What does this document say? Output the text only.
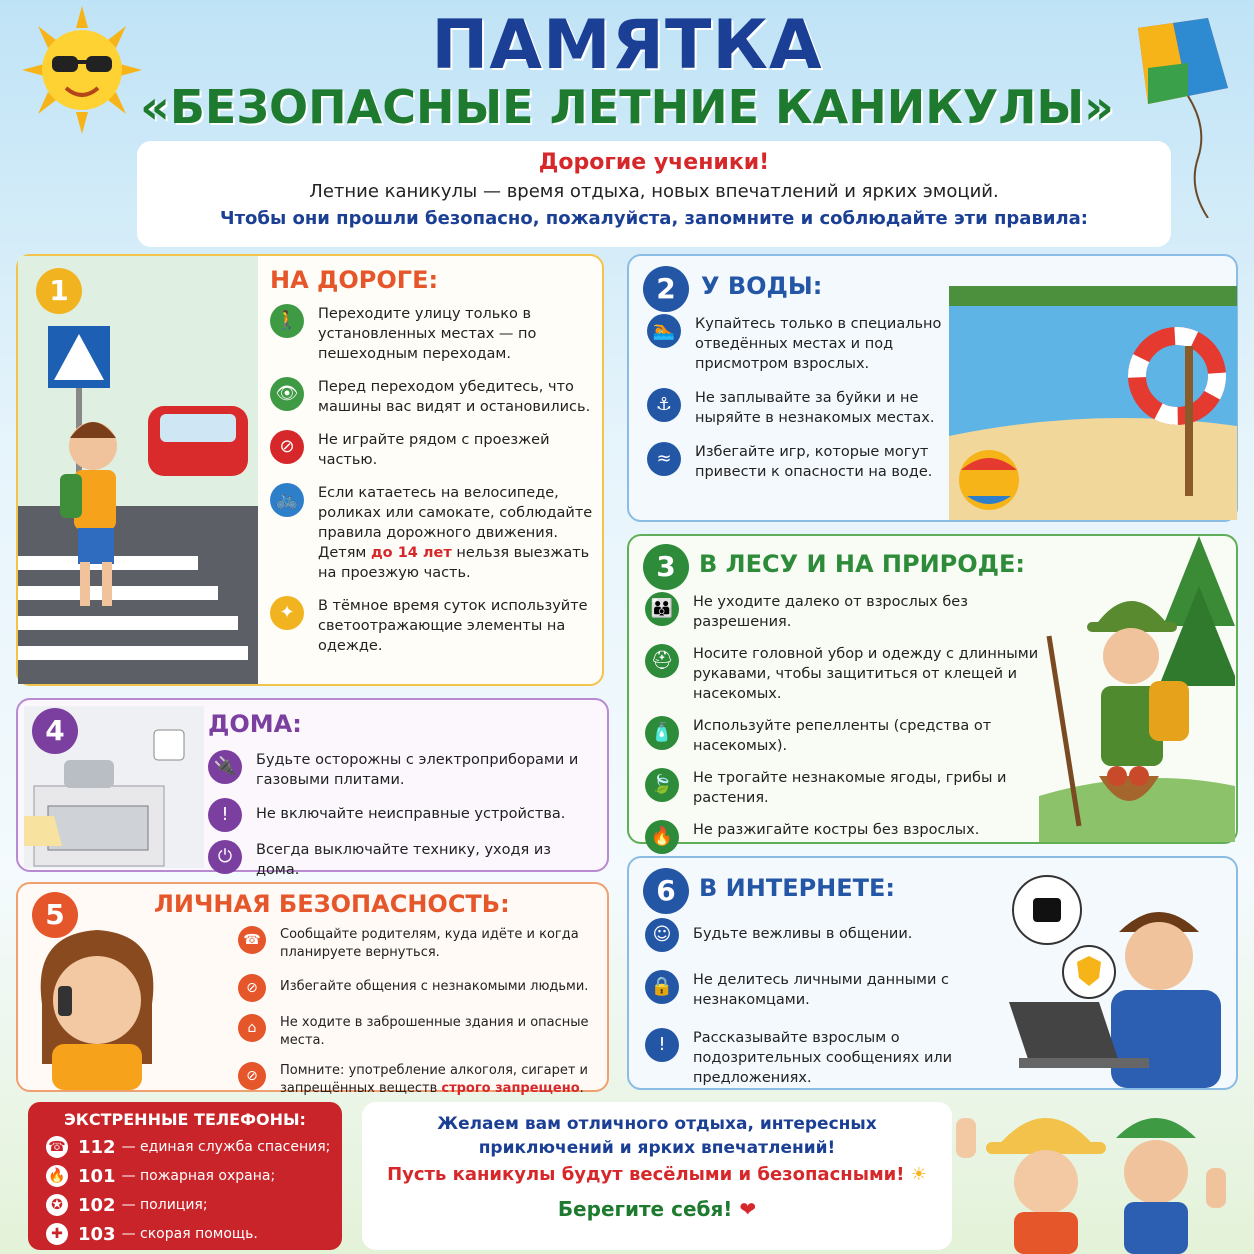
ПАМЯТКА
«БЕЗОПАСНЫЕ ЛЕТНИЕ КАНИКУЛЫ»
Дорогие ученики!
Летние каникулы — время отдыха, новых впечатлений и ярких эмоций.
Чтобы они прошли безопасно, пожалуйста, запомните и соблюдайте эти правила:
1	НА ДОРОГЕ:
🚶	Переходите улицу только в установленных местах — по пешеходным переходам.
👁	Перед переходом убедитесь, что машины вас видят и остановились.
⊘	Не играйте рядом с проезжей частью.
🚲	Если катаетесь на велосипеде, роликах или самокате, соблюдайте правила дорожного движения. Детям до 14 лет нельзя выезжать на проезжую часть.
✦	В тёмное время суток используйте светоотражающие элементы на одежде.
2	У ВОДЫ:
🏊	Купайтесь только в специально отведённых местах и под присмотром взрослых.
⚓	Не заплывайте за буйки и не ныряйте в незнакомых местах.
≈	Избегайте игр, которые могут привести к опасности на воде.
3 В ЛЕСУ И НА ПРИРОДЕ:
👪	Не уходите далеко от взрослых без разрешения.
⛑	Носите головной убор и одежду с длинными рукавами, чтобы защититься от клещей и насекомых.
🧴	Используйте репелленты (средства от насекомых).
🍃	Не трогайте незнакомые ягоды, грибы и растения.
🔥	Не разжигайте костры без взрослых.
4	ДОМА:
🔌	Будьте осторожны с электроприборами и газовыми плитами.
!	Не включайте неисправные устройства.
⏻	Всегда выключайте технику, уходя из дома.
5	ЛИЧНАЯ БЕЗОПАСНОСТЬ:
☎	Сообщайте родителям, куда идёте и когда планируете вернуться.
⊘	Избегайте общения с незнакомыми людьми.
⌂	Не ходите в заброшенные здания и опасные места.
⊘	Помните: употребление алкоголя, сигарет и запрещённых веществ строго запрещено.
6 В ИНТЕРНЕТЕ:
☺	Будьте вежливы в общении.
🔒	Не делитесь личными данными с незнакомцами.
!	Рассказывайте взрослым о подозрительных сообщениях или предложениях.
ЭКСТРЕННЫЕ ТЕЛЕФОНЫ:
☎ 112 — единая служба спасения;
🔥 101 — пожарная охрана;
✪ 102 — полиция;
✚ 103 — скорая помощь.
Желаем вам отличного отдыха, интересных приключений и ярких впечатлений!
Пусть каникулы будут весёлыми и безопасными! ☀
Берегите себя! ❤
